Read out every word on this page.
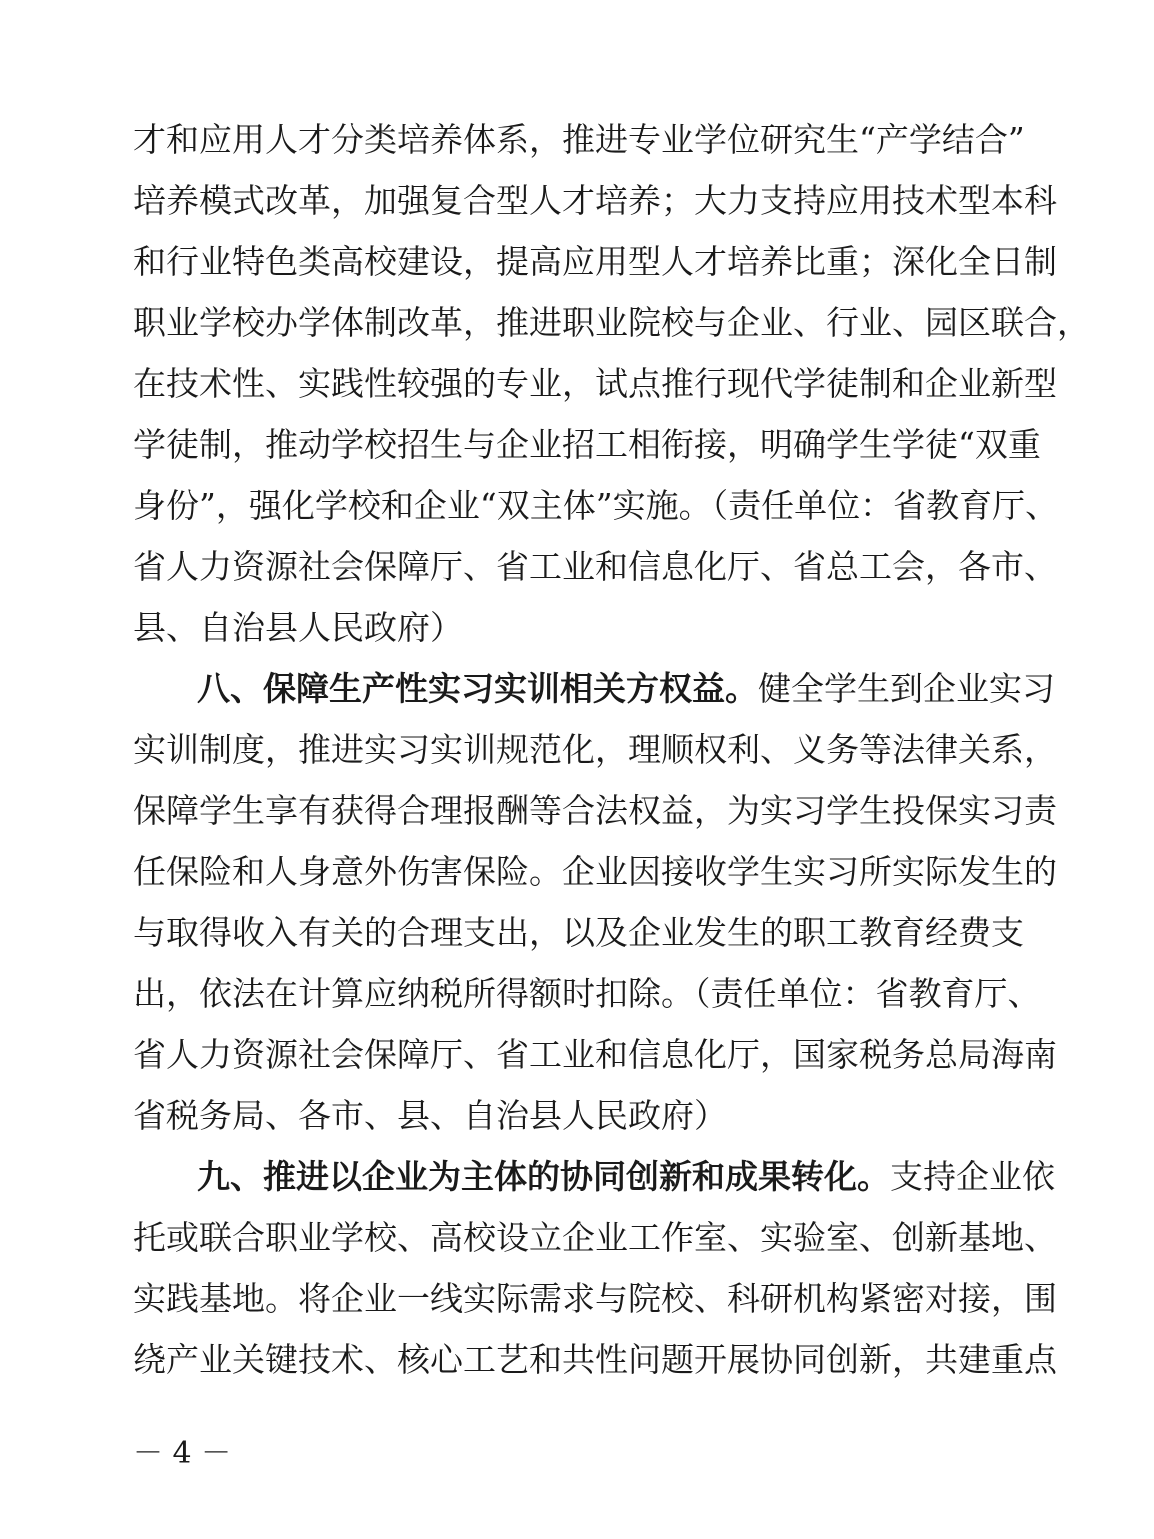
才和应用人才分类培养体系，推进专业学位研究生“产学结合”
培养模式改革，加强复合型人才培养；大力支持应用技术型本科
和行业特色类高校建设，提高应用型人才培养比重；深化全日制
职业学校办学体制改革，推进职业院校与企业、行业、园区联合，
在技术性、实践性较强的专业，试点推行现代学徒制和企业新型
学徒制，推动学校招生与企业招工相衔接，明确学生学徒“双重
身份”，强化学校和企业“双主体”实施。（责任单位：省教育厅、
省人力资源社会保障厅、省工业和信息化厅、省总工会，各市、
县、自治县人民政府）
八、保障生产性实习实训相关方权益。健全学生到企业实习
实训制度，推进实习实训规范化，理顺权利、义务等法律关系，
保障学生享有获得合理报酬等合法权益，为实习学生投保实习责
任保险和人身意外伤害保险。企业因接收学生实习所实际发生的
与取得收入有关的合理支出，以及企业发生的职工教育经费支
出，依法在计算应纳税所得额时扣除。（责任单位：省教育厅、
省人力资源社会保障厅、省工业和信息化厅，国家税务总局海南
省税务局、各市、县、自治县人民政府）
九、推进以企业为主体的协同创新和成果转化。支持企业依
托或联合职业学校、高校设立企业工作室、实验室、创新基地、
实践基地。将企业一线实际需求与院校、科研机构紧密对接，围
绕产业关键技术、核心工艺和共性问题开展协同创新，共建重点
－ 4 －
